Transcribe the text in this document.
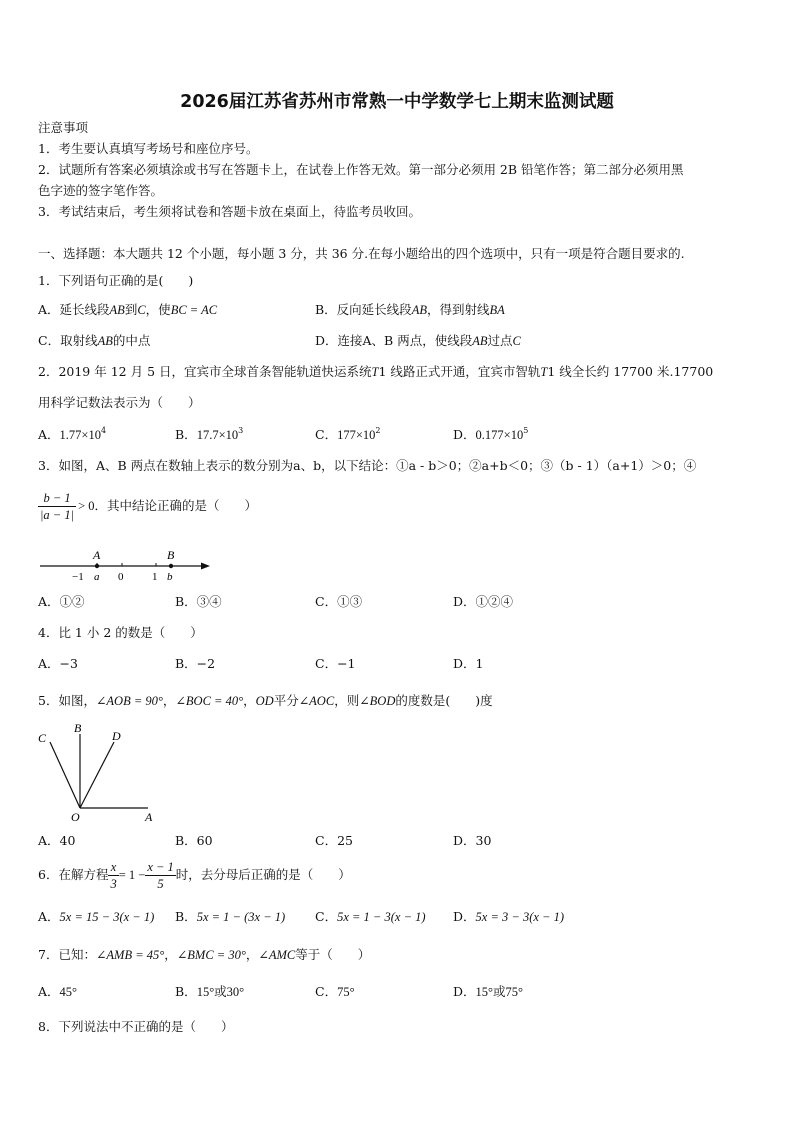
2026届江苏省苏州市常熟一中学数学七上期末监测试题
注意事项
1．考生要认真填写考场号和座位序号。
2．试题所有答案必须填涂或书写在答题卡上，在试卷上作答无效。第一部分必须用 2B 铅笔作答；第二部分必须用黑
色字迹的签字笔作答。
3．考试结束后，考生须将试卷和答题卡放在桌面上，待监考员收回。
一、选择题：本大题共 12 个小题，每小题 3 分，共 36 分.在每小题给出的四个选项中，只有一项是符合题目要求的.
1．下列语句正确的是(　　)
A．延长线段AB到C，使BC = AC	B．反向延长线段AB，得到射线BA
C．取射线AB的中点	D．连接A、B 两点，使线段AB过点C
2．2019 年 12 月 5 日，宜宾市全球首条智能轨道快运系统T1 线路正式开通，宜宾市智轨T1 线全长约 17700 米.17700
用科学记数法表示为（　　）
A．$1.77\times 10^4$	B．$17.7\times 10^3$	C．$177\times 10^2$	D．$0.177\times 10^5$
3．如图，A、B 两点在数轴上表示的数分别为a、b，以下结论：①a - b＞0；②a+b＜0；③（b - 1）（a+1）＞0；④
$\frac{b - 1}{|a - 1|} > 0$．其中结论正确的是（　　）
A	B
−1 a 0	1 b
A．①②	B．③④	C．①③	D．①②④
4．比 1 小 2 的数是（　　）
A．−3	B．−2	C．−1	D．1
5．如图，∠AOB = 90°，∠BOC = 40°，OD平分∠AOC，则∠BOD的度数是(　　)度
C
B
D
O	A
A．40	B．60	C．25	D．30
6．在解方程 $\frac{x}{3} = 1 - \frac{x - 1}{5}$ 时，去分母后正确的是（　　）
A．5x = 15 − 3(x − 1) B．5x = 1 − (3x − 1) C．5x = 1 − 3(x − 1) D．5x = 3 − 3(x − 1)
7．已知：∠AMB = 45°，∠BMC = 30°，∠AMC等于（　　）
A．45°	B．15°或30°	C．75°	D．15°或75°
8．下列说法中不正确的是（　　）
